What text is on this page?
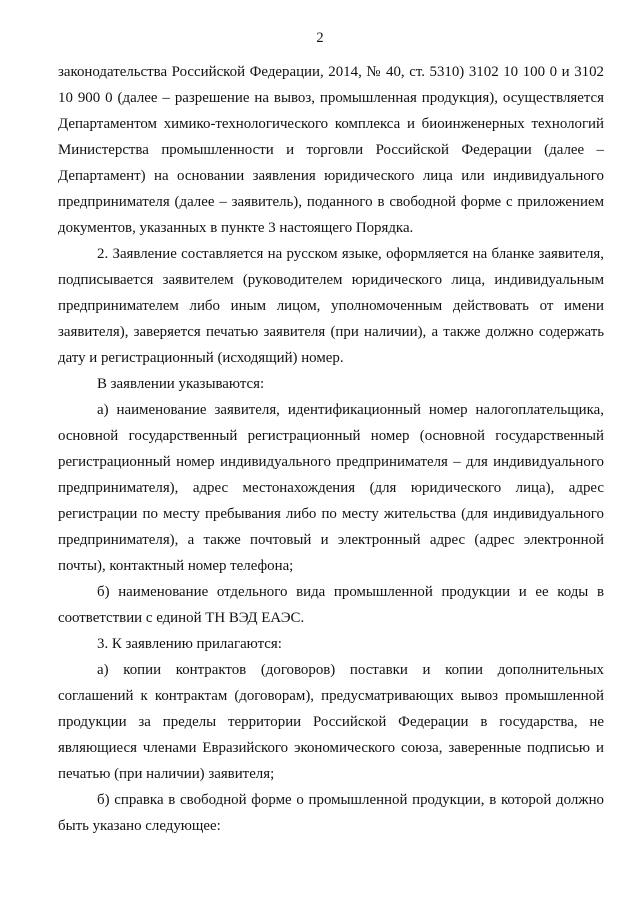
2

законодательства Российской Федерации, 2014, № 40, ст. 5310) 3102 10 100 0 и 3102 10 900 0 (далее – разрешение на вывоз, промышленная продукция), осуществляется Департаментом химико-технологического комплекса и биоинженерных технологий Министерства промышленности и торговли Российской Федерации (далее – Департамент) на основании заявления юридического лица или индивидуального предпринимателя (далее – заявитель), поданного в свободной форме с приложением документов, указанных в пункте 3 настоящего Порядка.

2. Заявление составляется на русском языке, оформляется на бланке заявителя, подписывается заявителем (руководителем юридического лица, индивидуальным предпринимателем либо иным лицом, уполномоченным действовать от имени заявителя), заверяется печатью заявителя (при наличии), а также должно содержать дату и регистрационный (исходящий) номер.

В заявлении указываются:

а) наименование заявителя, идентификационный номер налогоплательщика, основной государственный регистрационный номер (основной государственный регистрационный номер индивидуального предпринимателя – для индивидуального предпринимателя), адрес местонахождения (для юридического лица), адрес регистрации по месту пребывания либо по месту жительства (для индивидуального предпринимателя), а также почтовый и электронный адрес (адрес электронной почты), контактный номер телефона;

б) наименование отдельного вида промышленной продукции и ее коды в соответствии с единой ТН ВЭД ЕАЭС.

3. К заявлению прилагаются:

а) копии контрактов (договоров) поставки и копии дополнительных соглашений к контрактам (договорам), предусматривающих вывоз промышленной продукции за пределы территории Российской Федерации в государства, не являющиеся членами Евразийского экономического союза, заверенные подписью и печатью (при наличии) заявителя;

б) справка в свободной форме о промышленной продукции, в которой должно быть указано следующее:
